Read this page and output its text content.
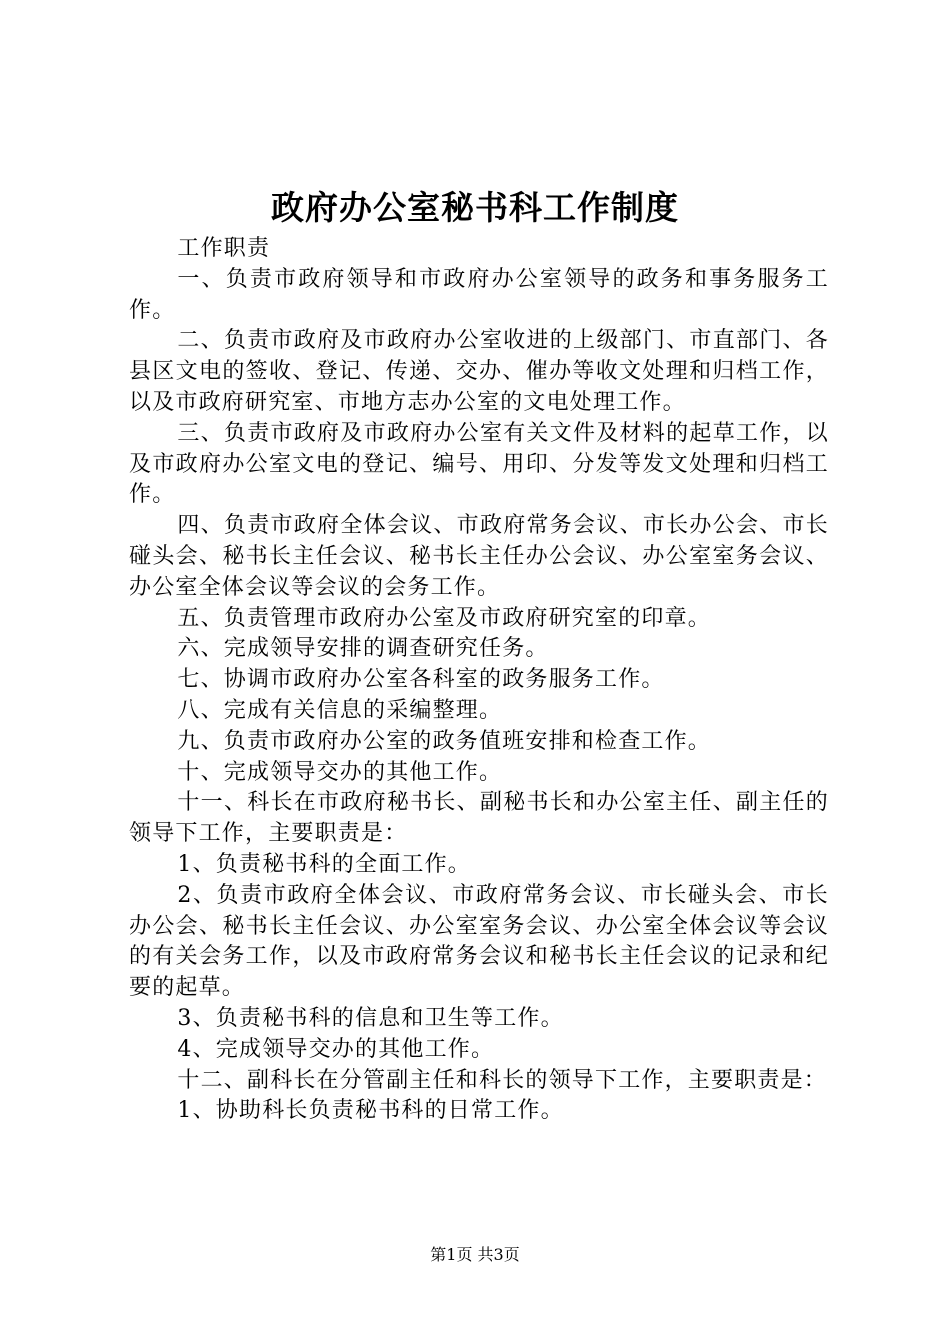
政府办公室秘书科工作制度

工作职责

一、负责市政府领导和市政府办公室领导的政务和事务服务工作。

二、负责市政府及市政府办公室收进的上级部门、市直部门、各县区文电的签收、登记、传递、交办、催办等收文处理和归档工作，以及市政府研究室、市地方志办公室的文电处理工作。

三、负责市政府及市政府办公室有关文件及材料的起草工作，以及市政府办公室文电的登记、编号、用印、分发等发文处理和归档工作。

四、负责市政府全体会议、市政府常务会议、市长办公会、市长碰头会、秘书长主任会议、秘书长主任办公会议、办公室室务会议、办公室全体会议等会议的会务工作。

五、负责管理市政府办公室及市政府研究室的印章。

六、完成领导安排的调查研究任务。

七、协调市政府办公室各科室的政务服务工作。

八、完成有关信息的采编整理。

九、负责市政府办公室的政务值班安排和检查工作。

十、完成领导交办的其他工作。

十一、科长在市政府秘书长、副秘书长和办公室主任、副主任的领导下工作，主要职责是：

1、负责秘书科的全面工作。

2、负责市政府全体会议、市政府常务会议、市长碰头会、市长办公会、秘书长主任会议、办公室室务会议、办公室全体会议等会议的有关会务工作，以及市政府常务会议和秘书长主任会议的记录和纪要的起草。

3、负责秘书科的信息和卫生等工作。

4、完成领导交办的其他工作。

十二、副科长在分管副主任和科长的领导下工作，主要职责是：

1、协助科长负责秘书科的日常工作。

第1页 共3页
